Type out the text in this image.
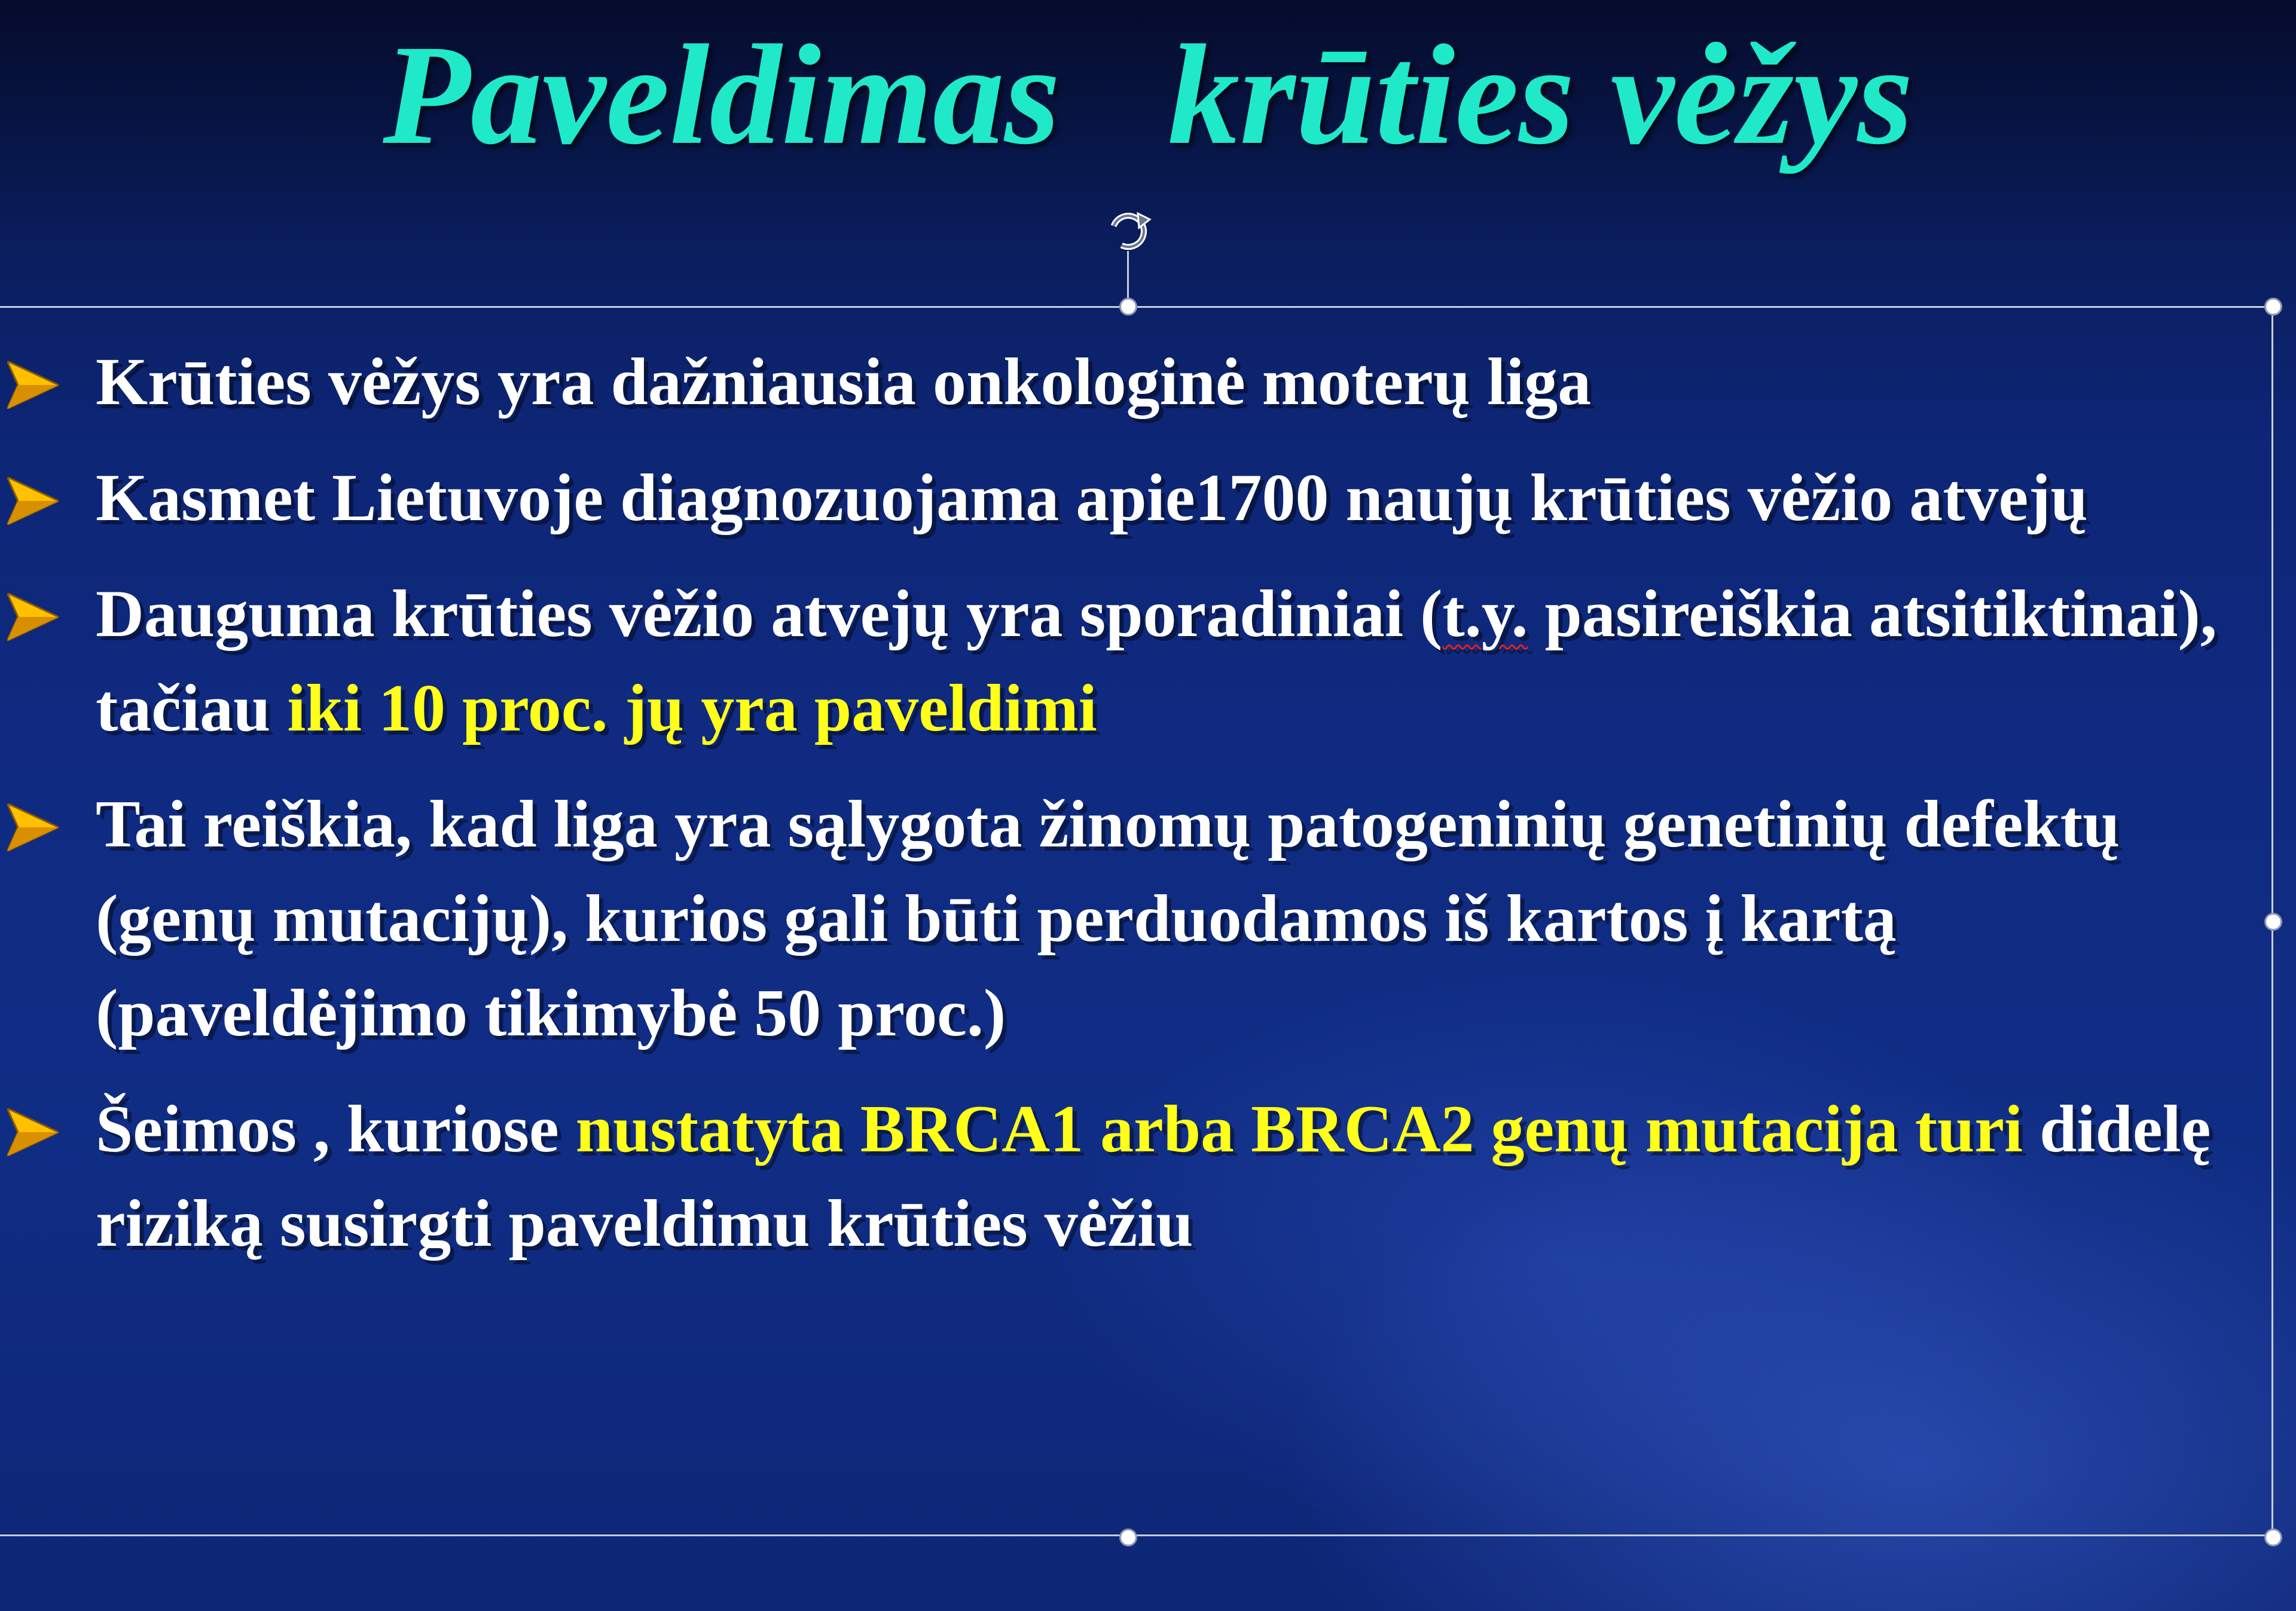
Paveldimas   krūties vėžys
Krūties vėžys yra dažniausia onkologinė moterų liga
Kasmet Lietuvoje diagnozuojama apie1700 naujų krūties vėžio atvejų
Dauguma krūties vėžio atvejų yra sporadiniai (t.y. pasireiškia atsitiktinai), tačiau iki 10 proc. jų yra paveldimi
Tai reiškia, kad liga yra sąlygota žinomų patogeninių genetinių defektų (genų mutacijų), kurios gali būti perduodamos iš kartos į kartą (paveldėjimo tikimybė 50 proc.)
Šeimos , kuriose nustatyta BRCA1 arba BRCA2 genų mutacija turi didelę riziką susirgti paveldimu krūties vėžiu
